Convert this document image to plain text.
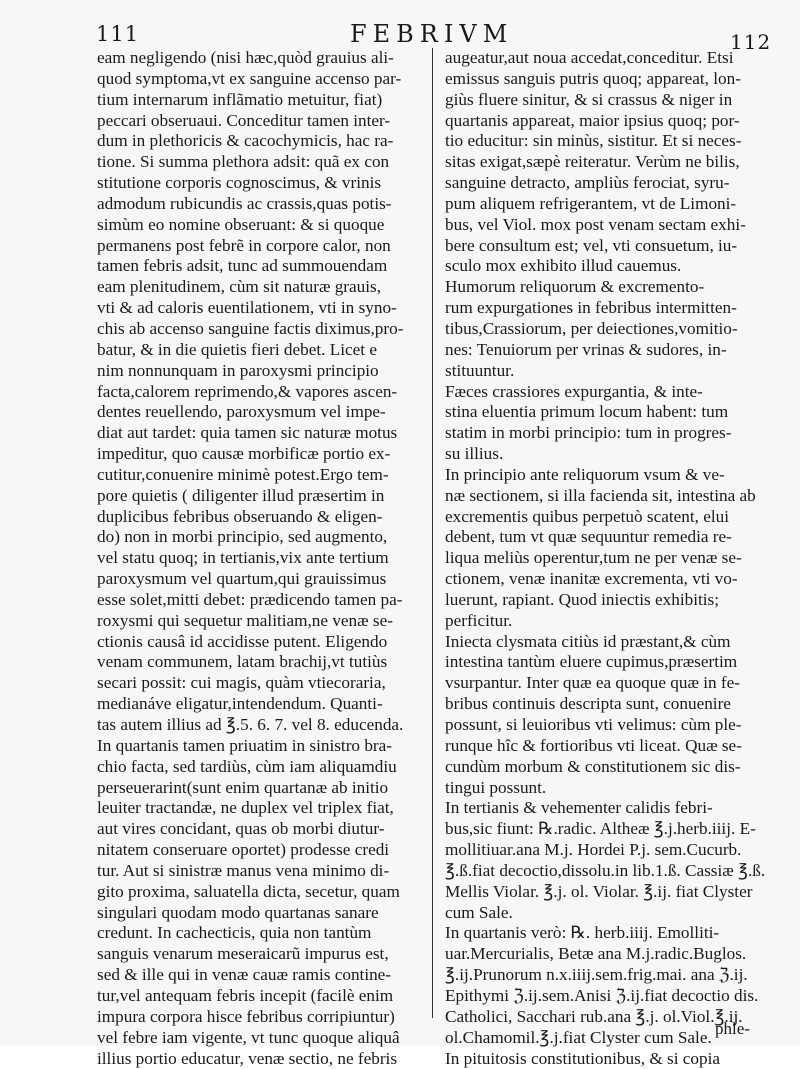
111	FEBRIVM	112
eam negligendo (nisi hæc,quòd grauius ali-
quod symptoma,vt ex sanguine accenso par-
tium internarum inflãmatio metuitur, fiat)
peccari obseruaui. Conceditur tamen inter-
dum in plethoricis & cacochymicis, hac ra-
tione. Si summa plethora adsit: quã ex con
stitutione corporis cognoscimus, & vrinis
admodum rubicundis ac crassis,quas potis-
simùm eo nomine obseruant: & si quoque
permanens post febrẽ in corpore calor, non
tamen febris adsit, tunc ad summouendam
eam plenitudinem, cùm sit naturæ grauis,
vti & ad caloris euentilationem, vti in syno-
chis ab accenso sanguine factis diximus,pro-
batur, & in die quietis fieri debet. Licet e
nim nonnunquam in paroxysmi principio
facta,calorem reprimendo,& vapores ascen-
dentes reuellendo, paroxysmum vel impe-
diat aut tardet: quia tamen sic naturæ motus
impeditur, quo causæ morbificæ portio ex-
cutitur,conuenire minimè potest.Ergo tem-
pore quietis ( diligenter illud præsertim in
duplicibus febribus obseruando & eligen-
do) non in morbi principio, sed augmento,
vel statu quoq; in tertianis,vix ante tertium
paroxysmum vel quartum,qui grauissimus
esse solet,mitti debet: prædicendo tamen pa-
roxysmi qui sequetur malitiam,ne venæ se-
ctionis causâ id accidisse putent. Eligendo
venam communem, latam brachij,vt tutiùs
secari possit: cui magis, quàm vtiecoraria,
medianáve eligatur,intendendum. Quanti-
tas autem illius ad ℥.5. 6. 7. vel 8. educenda.
In quartanis tamen priuatim in sinistro bra-
chio facta, sed tardiùs, cùm iam aliquamdiu
perseuerarint(sunt enim quartanæ ab initio
leuiter tractandæ, ne duplex vel triplex fiat,
aut vires concidant, quas ob morbi diutur-
nitatem conseruare oportet) prodesse credi
tur. Aut si sinistræ manus vena minimo di-
gito proxima, saluatella dicta, secetur, quam
singulari quodam modo quartanas sanare
credunt. In cachecticis, quia non tantùm
sanguis venarum meseraicarũ impurus est,
sed & ille qui in venæ cauæ ramis contine-
tur,vel antequam febris incepit (facilè enim
impura corpora hisce febribus corripiuntur)
vel febre iam vigente, vt tunc quoque aliquâ
illius portio educatur, venæ sectio, ne febris
augeatur,aut noua accedat,conceditur. Etsi
emissus sanguis putris quoq; appareat, lon-
giùs fluere sinitur, & si crassus & niger in
quartanis appareat, maior ipsius quoq; por-
tio educitur: sin minùs, sistitur. Et si neces-
sitas exigat,sæpè reiteratur. Verùm ne bilis,
sanguine detracto, ampliùs ferociat, syru-
pum aliquem refrigerantem, vt de Limoni-
bus, vel Viol. mox post venam sectam exhi-
bere consultum est; vel, vti consuetum, iu-
sculo mox exhibito illud cauemus.
Humorum reliquorum & excremento-
rum expurgationes in febribus intermitten-
tibus,Crassiorum, per deiectiones,vomitio-
nes: Tenuiorum per vrinas & sudores, in-
stituuntur.
Fæces crassiores expurgantia, & inte-
stina eluentia primum locum habent: tum
statim in morbi principio: tum in progres-
su illius.
In principio ante reliquorum vsum & ve-
næ sectionem, si illa facienda sit, intestina ab
excrementis quibus perpetuò scatent, elui
debent, tum vt quæ sequuntur remedia re-
liqua meliùs operentur,tum ne per venæ se-
ctionem, venæ inanitæ excrementa, vti vo-
luerunt, rapiant. Quod iniectis exhibitis;
perficitur.
Iniecta clysmata citiùs id præstant,& cùm
intestina tantùm eluere cupimus,præsertim
vsurpantur. Inter quæ ea quoque quæ in fe-
bribus continuis descripta sunt, conuenire
possunt, si leuioribus vti velimus: cùm ple-
runque hîc & fortioribus vti liceat. Quæ se-
cundùm morbum & constitutionem sic dis-
tingui possunt.
In tertianis & vehementer calidis febri-
bus,sic fiunt: ℞.radic. Altheæ ℥.j.herb.iiij. E-
mollitiuar.ana M.j. Hordei P.j. sem.Cucurb.
℥.ß.fiat decoctio,dissolu.in lib.1.ß. Cassiæ ℥.ß.
Mellis Violar. ℥.j. ol. Violar. ℥.ij. fiat Clyster
cum Sale.
In quartanis verò: ℞. herb.iiij. Emolliti-
uar.Mercurialis, Betæ ana M.j.radic.Buglos.
℥.ij.Prunorum n.x.iiij.sem.frig.mai. ana ℨ.ij.
Epithymi ℨ.ij.sem.Anisi ℨ.ij.fiat decoctio dis.
Catholici, Sacchari rub.ana ℥.j. ol.Viol.℥.ij.
ol.Chamomil.℥.j.fiat Clyster cum Sale.
In pituitosis constitutionibus, & si copia
phle-
